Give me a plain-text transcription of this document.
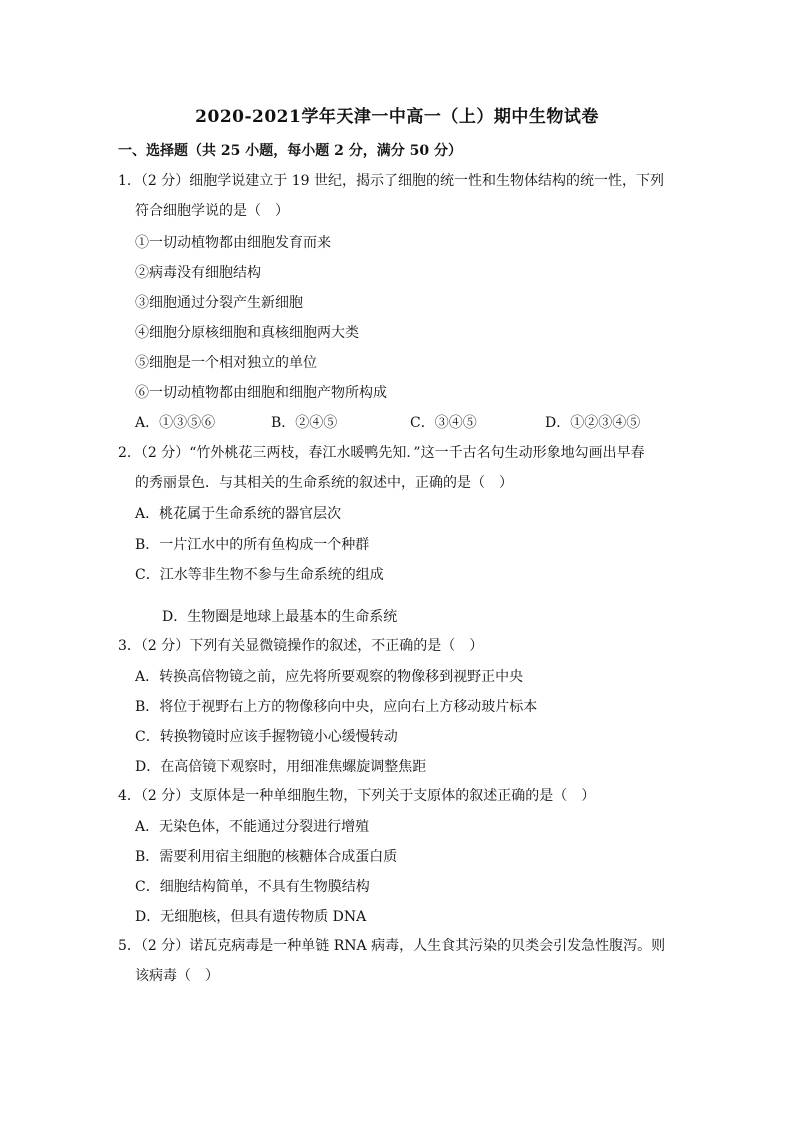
2020-2021学年天津一中高一（上）期中生物试卷
一、选择题（共 25 小题，每小题 2 分，满分 50 分）
1．（2 分）细胞学说建立于 19 世纪，揭示了细胞的统一性和生物体结构的统一性，下列
符合细胞学说的是（　）
①一切动植物都由细胞发育而来
②病毒没有细胞结构
③细胞通过分裂产生新细胞
④细胞分原核细胞和真核细胞两大类
⑤细胞是一个相对独立的单位
⑥一切动植物都由细胞和细胞产物所构成
A．①③⑤⑥	B．②④⑤	C．③④⑤	D．①②③④⑤
2．（2 分）“竹外桃花三两枝，春江水暖鸭先知．”这一千古名句生动形象地勾画出早春
的秀丽景色．与其相关的生命系统的叙述中，正确的是（　）
A．桃花属于生命系统的器官层次
B．一片江水中的所有鱼构成一个种群
C．江水等非生物不参与生命系统的组成
D．生物圈是地球上最基本的生命系统
3．（2 分）下列有关显微镜操作的叙述，不正确的是（　）
A．转换高倍物镜之前，应先将所要观察的物像移到视野正中央
B．将位于视野右上方的物像移向中央，应向右上方移动玻片标本
C．转换物镜时应该手握物镜小心缓慢转动
D．在高倍镜下观察时，用细准焦螺旋调整焦距
4．（2 分）支原体是一种单细胞生物，下列关于支原体的叙述正确的是（　）
A．无染色体，不能通过分裂进行增殖
B．需要利用宿主细胞的核糖体合成蛋白质
C．细胞结构简单，不具有生物膜结构
D．无细胞核，但具有遗传物质 DNA
5．（2 分）诺瓦克病毒是一种单链 RNA 病毒，人生食其污染的贝类会引发急性腹泻。则
该病毒（　）
